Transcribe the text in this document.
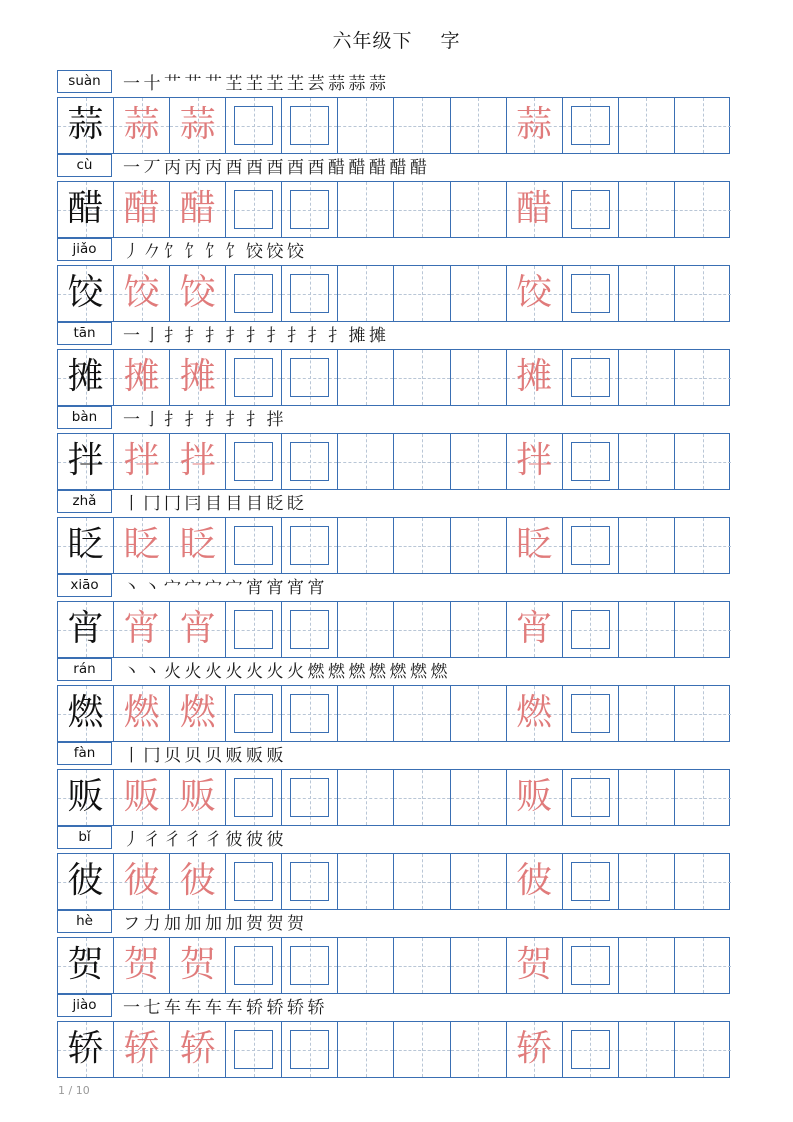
六年级下 字
suàn	一 十 艹 艹 艹 芏 芏 芏 芏 芸 蒜 蒜 蒜
蒜 蒜 蒜	蒜
cù	一 丆 丙 丙 丙 酉 酉 酉 酉 酉 醋 醋 醋 醋 醋
醋 醋 醋	醋
jiǎo	丿 𠂊 饣 饣 饣 饣 饺 饺 饺
饺 饺 饺	饺
tān	一 亅 扌 扌 扌 扌 扌 扌 扌 扌 扌 摊 摊
摊 摊 摊	摊
bàn	一 亅 扌 扌 扌 扌 扌 拌
拌 拌 拌	拌
zhǎ	丨 冂 冂 冃 目 目 目 眨 眨
眨 眨 眨	眨
xiāo	丶 丶 宀 宀 宀 宀 宵 宵 宵 宵
宵 宵 宵	宵
rán	丶 丶 火 火 火 火 火 火 火 燃 燃 燃 燃 燃 燃 燃
燃 燃 燃	燃
fàn	丨 冂 贝 贝 贝 贩 贩 贩
贩 贩 贩	贩
bǐ	丿 彳 彳 彳 彳 彼 彼 彼
彼 彼 彼	彼
hè	フ 力 加 加 加 加 贺 贺 贺
贺 贺 贺	贺
jiào	一 七 车 车 车 车 轿 轿 轿 轿
轿 轿 轿	轿
1 / 10
